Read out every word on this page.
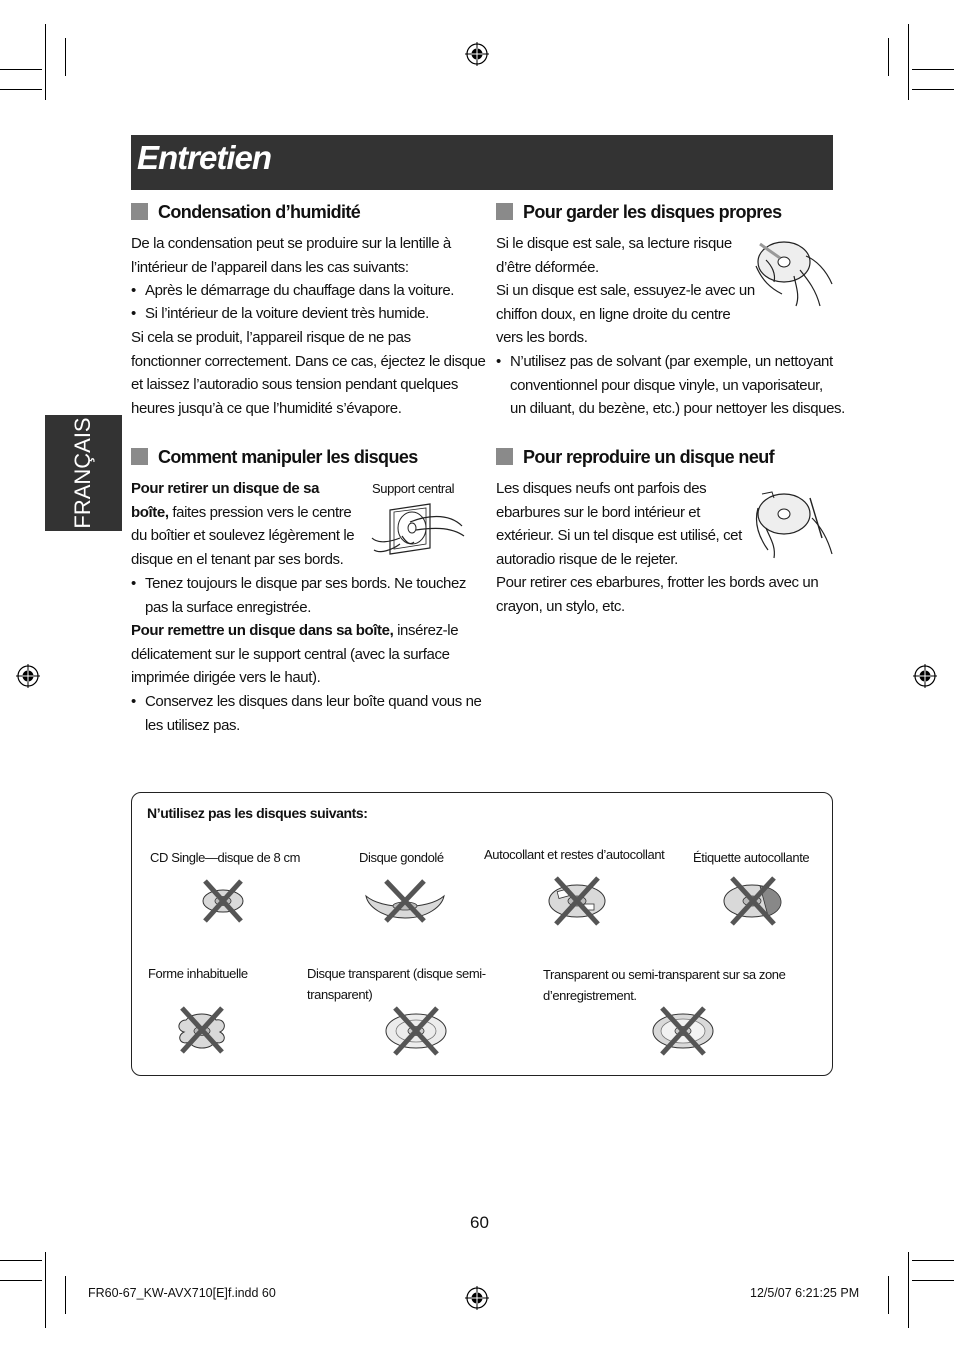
Entretien
FRANÇAIS
Condensation d’humidité
De la condensation peut se produire sur la lentille à
l’intérieur de l’appareil dans les cas suivants:
• Après le démarrage du chauffage dans la voiture.
• Si l’intérieur de la voiture devient très humide.
Si cela se produit, l’appareil risque de ne pas
fonctionner correctement. Dans ce cas, éjectez le disque
et laissez l’autoradio sous tension pendant quelques
heures jusqu’à ce que l’humidité s’évapore.
Comment manipuler les disques
Support central
Pour retirer un disque de sa
boîte, faites pression vers le centre
du boîtier et soulevez légèrement le
disque en el tenant par ses bords.
• Tenez toujours le disque par ses bords. Ne touchez
pas la surface enregistrée.
Pour remettre un disque dans sa boîte, insérez-le
délicatement sur le support central (avec la surface
imprimée dirigée vers le haut).
• Conservez les disques dans leur boîte quand vous ne
les utilisez pas.
Pour garder les disques propres
Si le disque est sale, sa lecture risque
d’être déformée.
Si un disque est sale, essuyez-le avec un
chiffon doux, en ligne droite du centre
vers les bords.
• N’utilisez pas de solvant (par exemple, un nettoyant
conventionnel pour disque vinyle, un vaporisateur,
un diluant, du bezène, etc.) pour nettoyer les disques.
Pour reproduire un disque neuf
Les disques neufs ont parfois des
ebarbures sur le bord intérieur et
extérieur. Si un tel disque est utilisé, cet
autoradio risque de le rejeter.
Pour retirer ces ebarbures, frotter les bords avec un
crayon, un stylo, etc.
N’utilisez pas les disques suivants:
CD Single—disque de 8 cm	Disque gondolé	Autocollant et restes d’autocollant Étiquette autocollante
Forme inhabituelle	Disque transparent (disque semi-
transparent)
Transparent ou semi-transparent sur sa zone
d’enregistrement.
60
FR60-67_KW-AVX710[E]f.indd 60	12/5/07 6:21:25 PM
